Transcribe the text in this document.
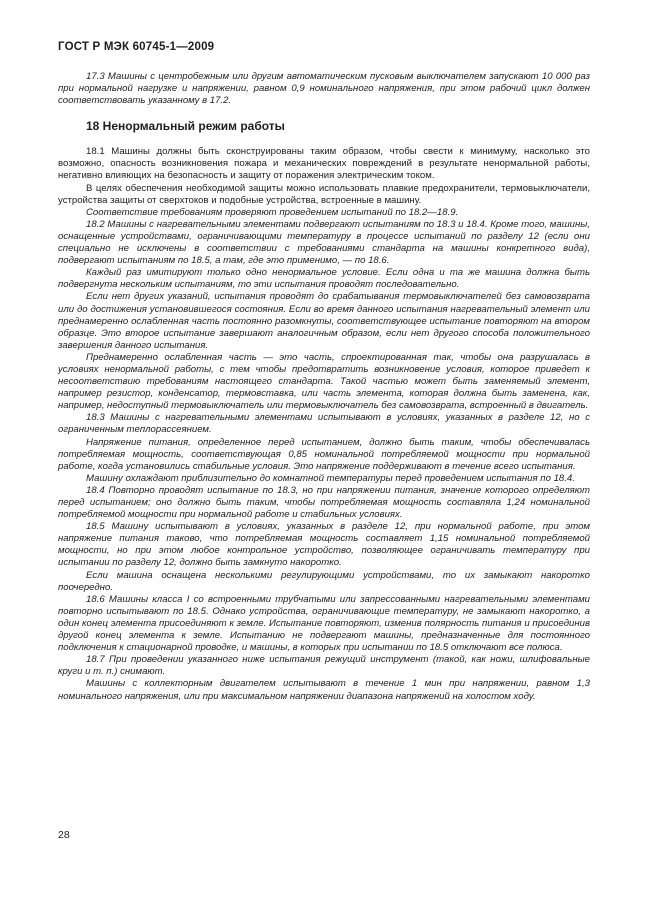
ГОСТ Р МЭК 60745-1—2009

17.3 Машины с центробежным или другим автоматическим пусковым выключателем запускают 10 000 раз при нормальной нагрузке и напряжении, равном 0,9 номинального напряжения, при этом рабочий цикл должен соответствовать указанному в 17.2.

18 Ненормальный режим работы

18.1 Машины должны быть сконструированы таким образом, чтобы свести к минимуму, насколько это возможно, опасность возникновения пожара и механических повреждений в результате ненормальной работы, негативно влияющих на безопасность и защиту от поражения электрическим током.

В целях обеспечения необходимой защиты можно использовать плавкие предохранители, термовыключатели, устройства защиты от сверхтоков и подобные устройства, встроенные в машину.

Соответствие требованиям проверяют проведением испытаний по 18.2—18.9.

18.2 Машины с нагревательными элементами подвергают испытаниям по 18.3 и 18.4. Кроме того, машины, оснащенные устройствами, ограничивающими температуру в процессе испытаний по разделу 12 (если они специально не исключены в соответствии с требованиями стандарта на машины конкретного вида), подвергают испытаниям по 18.5, а там, где это применимо, — по 18.6.

Каждый раз имитируют только одно ненормальное условие. Если одна и та же машина должна быть подвергнута нескольким испытаниям, то эти испытания проводят последовательно.

Если нет других указаний, испытания проводят до срабатывания термовыключателей без самовозврата или до достижения установившегося состояния. Если во время данного испытания нагревательный элемент или преднамеренно ослабленная часть постоянно разомкнуты, соответствующее испытание повторяют на втором образце. Это второе испытание завершают аналогичным образом, если нет другого способа положительного завершения данного испытания.

Преднамеренно ослабленная часть — это часть, спроектированная так, чтобы она разрушалась в условиях ненормальной работы, с тем чтобы предотвратить возникновение условия, которое приведет к несоответствию требованиям настоящего стандарта. Такой частью может быть заменяемый элемент, например резистор, конденсатор, термовставка, или часть элемента, которая должна быть заменена, как, например, недоступный термовыключатель или термовыключатель без самовозврата, встроенный в двигатель.

18.3 Машины с нагревательными элементами испытывают в условиях, указанных в разделе 12, но с ограниченным теплорассеянием.

Напряжение питания, определенное перед испытанием, должно быть таким, чтобы обеспечивалась потребляемая мощность, соответствующая 0,85 номинальной потребляемой мощности при нормальной работе, когда установились стабильные условия. Это напряжение поддерживают в течение всего испытания.

Машину охлаждают приблизительно до комнатной температуры перед проведением испытания по 18.4.

18.4 Повторно проводят испытание по 18.3, но при напряжении питания, значение которого определяют перед испытанием; оно должно быть таким, чтобы потребляемая мощность составляла 1,24 номинальной потребляемой мощности при нормальной работе и стабильных условиях.

18.5 Машину испытывают в условиях, указанных в разделе 12, при нормальной работе, при этом напряжение питания таково, что потребляемая мощность составляет 1,15 номинальной потребляемой мощности, но при этом любое контрольное устройство, позволяющее ограничивать температуру при испытании по разделу 12, должно быть замкнуто накоротко.

Если машина оснащена несколькими регулирующими устройствами, то их замыкают накоротко поочередно.

18.6 Машины класса I со встроенными трубчатыми или запрессованными нагревательными элементами повторно испытывают по 18.5. Однако устройства, ограничивающие температуру, не замыкают накоротко, а один конец элемента присоединяют к земле. Испытание повторяют, изменив полярность питания и присоединив другой конец элемента к земле. Испытанию не подвергают машины, предназначенные для постоянного подключения к стационарной проводке, и машины, в которых при испытании по 18.5 отключают все полюса.

18.7 При проведении указанного ниже испытания режущий инструмент (такой, как ножи, шлифовальные круги и т. п.) снимают.

Машины с коллекторным двигателем испытывают в течение 1 мин при напряжении, равном 1,3 номинального напряжения, или при максимальном напряжении диапазона напряжений на холостом ходу.

28
